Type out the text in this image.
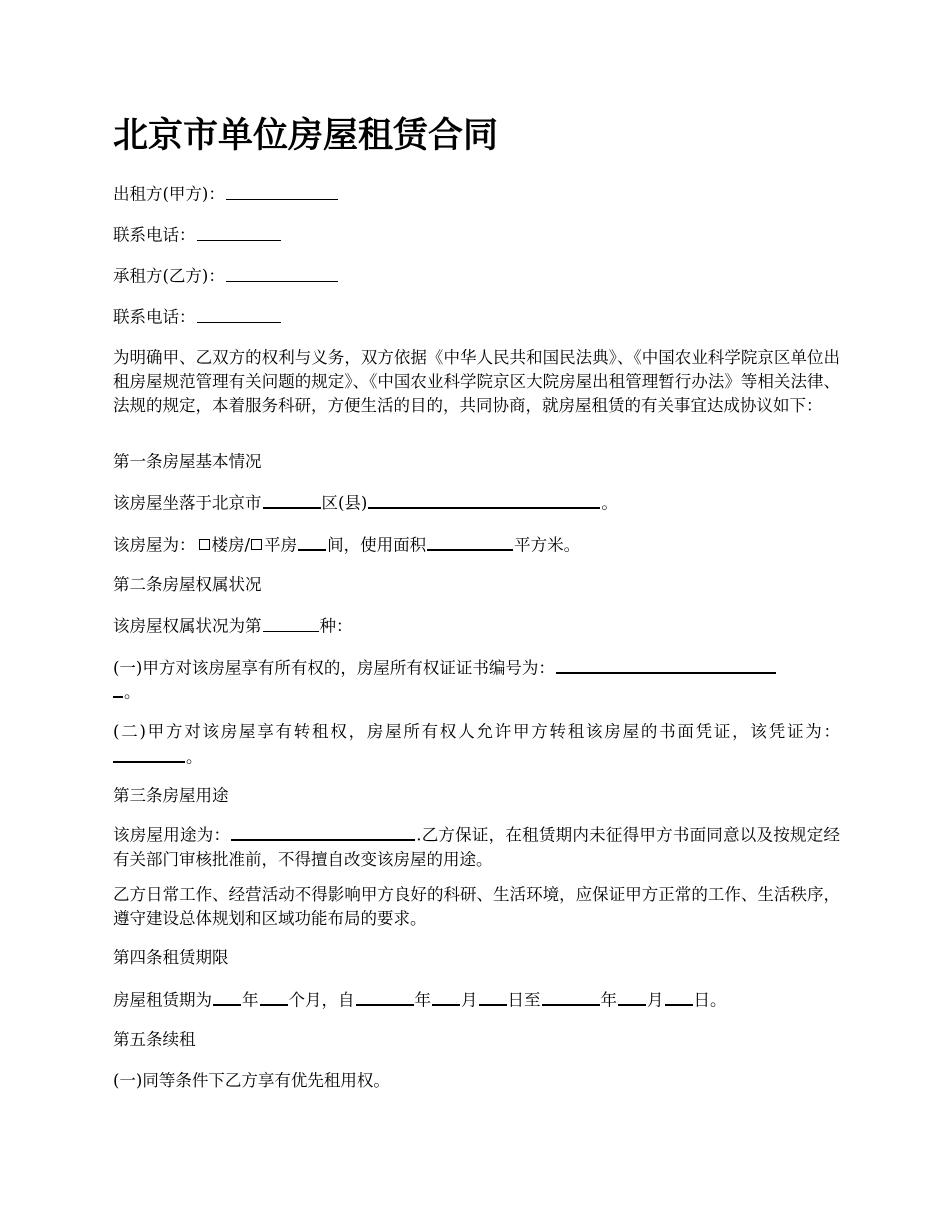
北京市单位房屋租赁合同
出租方(甲方)：
联系电话：
承租方(乙方)：
联系电话：
为明确甲、乙双方的权利与义务，双方依据《中华人民共和国民法典》、《中国农业科学院京区单位出租房屋规范管理有关问题的规定》、《中国农业科学院京区大院房屋出租管理暂行办法》等相关法律、法规的规定，本着服务科研，方便生活的目的，共同协商，就房屋租赁的有关事宜达成协议如下：
第一条房屋基本情况
该房屋坐落于北京市	区(县)	。
该房屋为： 楼房/ 平房 间，使用面积	平方米。
第二条房屋权属状况
该房屋权属状况为第	种：
(一)甲方对该房屋享有所有权的，房屋所有权证证书编号为：
。
(二)甲方对该房屋享有转租权，房屋所有权人允许甲方转租该房屋的书面凭证，该凭证为：。
第三条房屋用途
该房屋用途为：	.乙方保证，在租赁期内未征得甲方书面同意以及按规定经有关部门审核批准前，不得擅自改变该房屋的用途。
乙方日常工作、经营活动不得影响甲方良好的科研、生活环境，应保证甲方正常的工作、生活秩序，遵守建设总体规划和区域功能布局的要求。
第四条租赁期限
房屋租赁期为 年 个月，自	年 月 日至	年 月 日。
第五条续租
(一)同等条件下乙方享有优先租用权。
